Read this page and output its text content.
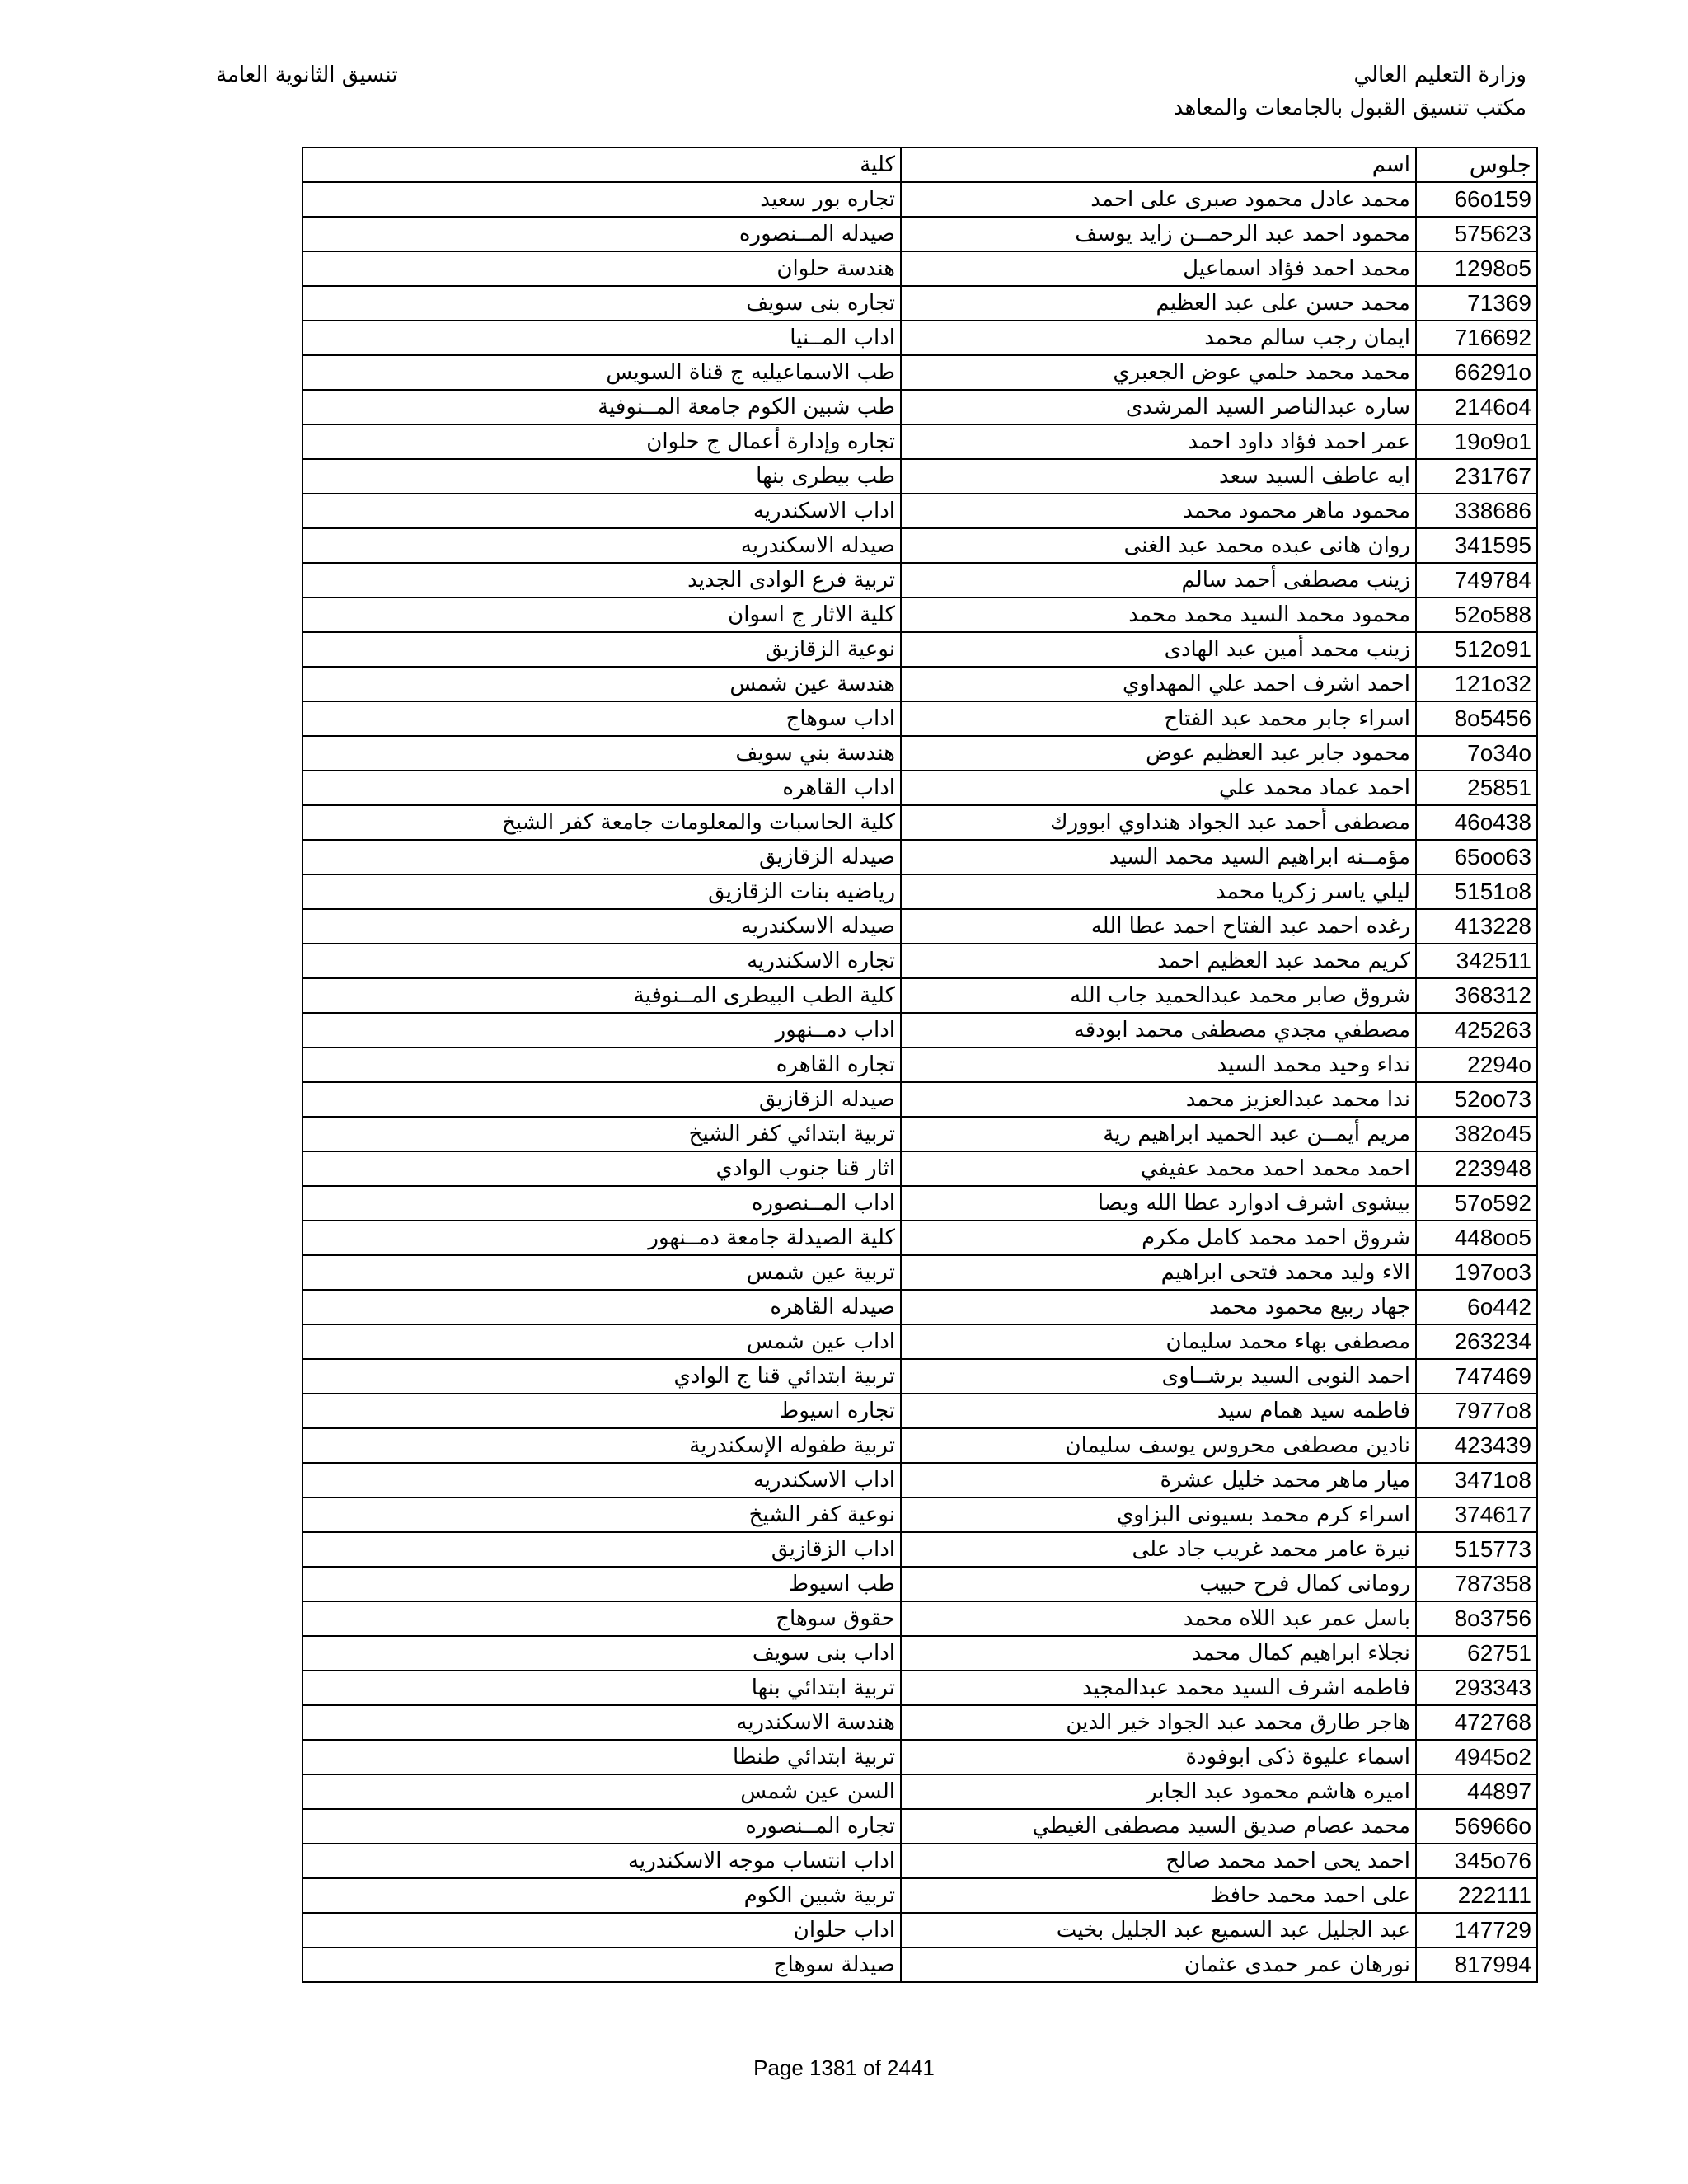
وزارة التعليم العالي
مكتب تنسيق القبول بالجامعات والمعاهد
تنسيق الثانوية العامة
جلوس	اسم	كلية
66o159	محمد عادل محمود صبرى على احمد	تجاره بور سعيد
575623	محمود احمد عبد الرحمــن زايد يوسف	صيدله المــنصوره
1298o5	محمد احمد فؤاد اسماعيل	هندسة حلوان
71369	محمد حسن على عبد العظيم	تجاره بنى سويف
716692	ايمان رجب سالم محمد	اداب المــنيا
66291o	محمد محمد حلمي عوض الجعبري	طب الاسماعيليه ج قناة السويس
2146o4	ساره عبدالناصر السيد المرشدى	طب شبين الكوم جامعة المــنوفية
19o9o1	عمر احمد فؤاد داود احمد	تجاره وإدارة أعمال ج حلوان
231767	ايه عاطف السيد سعد	طب بيطرى بنها
338686	محمود ماهر محمود محمد	اداب الاسكندريه
341595	روان هانى عبده محمد عبد الغنى	صيدله الاسكندريه
749784	زينب مصطفى أحمد سالم	تربية فرع الوادى الجديد
52o588	محمود محمد السيد محمد محمد	كلية الاثار ج اسوان
512o91	زينب محمد أمين عبد الهادى	نوعية الزقازيق
121o32	احمد اشرف احمد علي المهداوي	هندسة عين شمس
8o5456	اسراء جابر محمد عبد الفتاح	اداب سوهاج
7o34o	محمود جابر عبد العظيم عوض	هندسة بني سويف
25851	احمد عماد محمد علي	اداب القاهره
46o438	مصطفى أحمد عبد الجواد هنداوي ابوورك	كلية الحاسبات والمعلومات جامعة كفر الشيخ
65oo63	مؤمــنه ابراهيم السيد محمد السيد	صيدله الزقازيق
5151o8	ليلي ياسر زكريا محمد	رياضيه بنات الزقازيق
413228	رغده احمد عبد الفتاح احمد عطا الله	صيدله الاسكندريه
342511	كريم محمد عبد العظيم احمد	تجاره الاسكندريه
368312	شروق صابر محمد عبدالحميد جاب الله	كلية الطب البيطرى المــنوفية
425263	مصطفي مجدي مصطفى محمد ابودقه	اداب دمــنهور
2294o	نداء وحيد محمد السيد	تجاره القاهره
52oo73	ندا محمد عبدالعزيز محمد	صيدله الزقازيق
382o45	مريم أيمــن عبد الحميد ابراهيم رية	تربية ابتدائي كفر الشيخ
223948	احمد محمد احمد محمد عفيفي	اثار قنا جنوب الوادي
57o592	بيشوى اشرف ادوارد عطا الله ويصا	اداب المــنصوره
448oo5	شروق احمد محمد كامل مكرم	كلية الصيدلة جامعة دمــنهور
197oo3	الاء وليد محمد فتحى ابراهيم	تربية عين شمس
6o442	جهاد ربيع محمود محمد	صيدله القاهره
263234	مصطفى بهاء محمد سليمان	اداب عين شمس
747469	احمد النوبى السيد برشــاوى	تربية ابتدائي قنا ج الوادي
7977o8	فاطمه سيد همام سيد	تجاره اسيوط
423439	نادين مصطفى محروس يوسف سليمان	تربية طفوله الإسكندرية
3471o8	ميار ماهر محمد خليل عشرة	اداب الاسكندريه
374617	اسراء كرم محمد بسيونى البزاوي	نوعية كفر الشيخ
515773	نيرة عامر محمد غريب جاد على	اداب الزقازيق
787358	رومانى كمال فرح حبيب	طب اسيوط
8o3756	باسل عمر عبد اللاه محمد	حقوق سوهاج
62751	نجلاء ابراهيم كمال محمد	اداب بنى سويف
293343	فاطمه اشرف السيد محمد عبدالمجيد	تربية ابتدائي بنها
472768	هاجر طارق محمد عبد الجواد خير الدين	هندسة الاسكندريه
4945o2	اسماء عليوة ذكى ابوفودة	تربية ابتدائي طنطا
44897	اميره هاشم محمود عبد الجابر	السن عين شمس
56966o	محمد عصام صديق السيد مصطفى الغيطي	تجاره المــنصوره
345o76	احمد يحى احمد محمد صالح	اداب انتساب موجه الاسكندريه
222111	على احمد محمد حافظ	تربية شبين الكوم
147729	عبد الجليل عبد السميع عبد الجليل بخيت	اداب حلوان
817994	نورهان عمر حمدى عثمان	صيدلة سوهاج
Page 1381 of 2441
